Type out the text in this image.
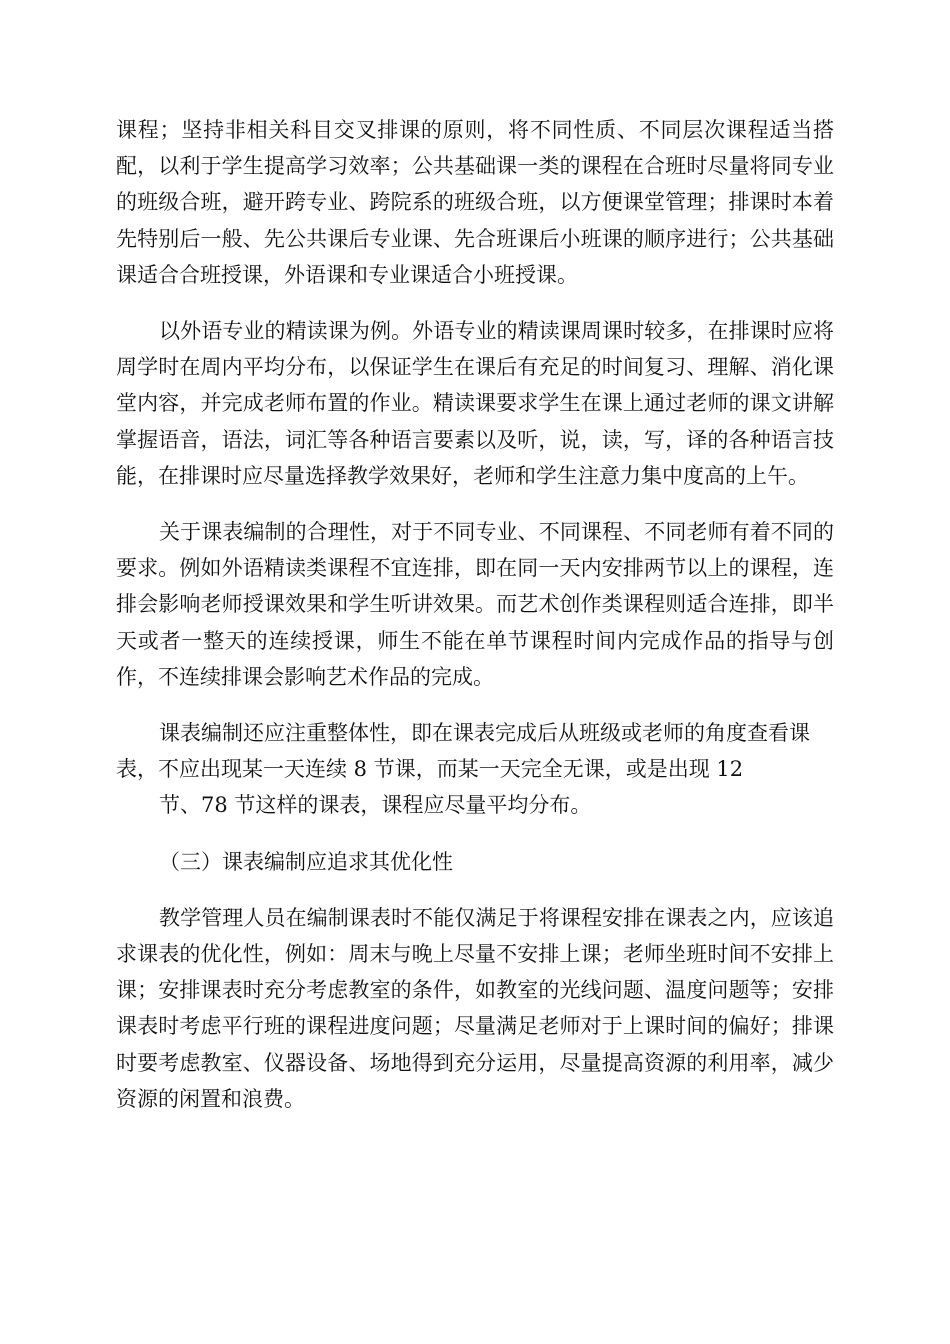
课程；坚持非相关科目交叉排课的原则，将不同性质、不同层次课程适当搭配，以利于学生提高学习效率；公共基础课一类的课程在合班时尽量将同专业的班级合班，避开跨专业、跨院系的班级合班，以方便课堂管理；排课时本着先特别后一般、先公共课后专业课、先合班课后小班课的顺序进行；公共基础课适合合班授课，外语课和专业课适合小班授课。

以外语专业的精读课为例。外语专业的精读课周课时较多，在排课时应将周学时在周内平均分布，以保证学生在课后有充足的时间复习、理解、消化课堂内容，并完成老师布置的作业。精读课要求学生在课上通过老师的课文讲解掌握语音，语法，词汇等各种语言要素以及听，说，读，写，译的各种语言技能，在排课时应尽量选择教学效果好，老师和学生注意力集中度高的上午。

关于课表编制的合理性，对于不同专业、不同课程、不同老师有着不同的要求。例如外语精读类课程不宜连排，即在同一天内安排两节以上的课程，连排会影响老师授课效果和学生听讲效果。而艺术创作类课程则适合连排，即半天或者一整天的连续授课，师生不能在单节课程时间内完成作品的指导与创作，不连续排课会影响艺术作品的完成。

课表编制还应注重整体性，即在课表完成后从班级或老师的角度查看课表，不应出现某一天连续 8 节课，而某一天完全无课，或是出现 12
节、78 节这样的课表，课程应尽量平均分布。

（三）课表编制应追求其优化性

教学管理人员在编制课表时不能仅满足于将课程安排在课表之内，应该追求课表的优化性，例如：周末与晚上尽量不安排上课；老师坐班时间不安排上课；安排课表时充分考虑教室的条件，如教室的光线问题、温度问题等；安排课表时考虑平行班的课程进度问题；尽量满足老师对于上课时间的偏好；排课时要考虑教室、仪器设备、场地得到充分运用，尽量提高资源的利用率，减少资源的闲置和浪费。
